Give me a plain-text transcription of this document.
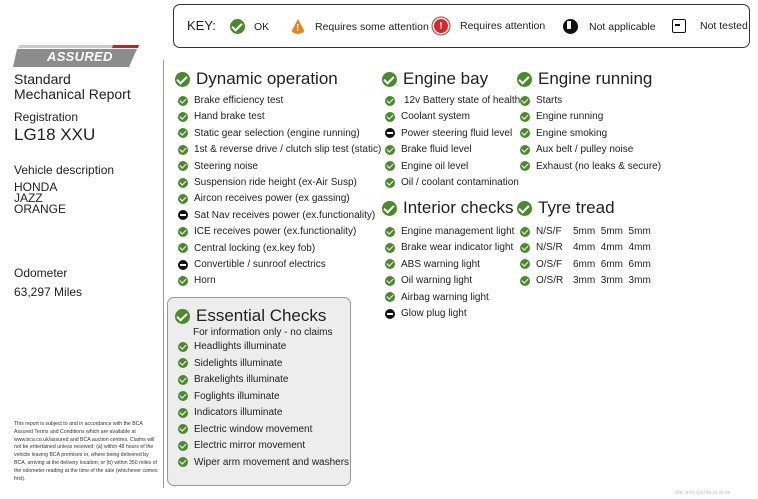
KEY:	OK	! Requires some attention	!	Requires attention	Not applicable	Not tested
ASSURED
Standard
Mechanical Report
Registration
LG18 XXU
Vehicle description
HONDA
JAZZ
ORANGE
Odometer
63,297 Miles
This report is subject to and in accordance with the BCA Assured Terms and Conditions which are available at www.bca.co.uk/assured and BCA auction centres. Claims will not be entertained unless received: (a) within 48 hours of the vehicle leaving BCA premises or, where being delivered by BCA, arriving at the delivery location; or (b) within 350 miles of the odometer reading at the time of the sale (whichever comes first).
Dynamic operation
Brake efficiency test
Hand brake test
Static gear selection (engine running)
1st & reverse drive / clutch slip test (static)
Steering noise
Suspension ride height (ex-Air Susp)
Aircon receives power (ex gassing)
Sat Nav receives power (ex.functionality)
ICE receives power (ex.functionality)
Central locking (ex.key fob)
Convertible / sunroof electrics
Horn
Essential Checks
For information only - no claims
Headlights illuminate
Sidelights illuminate
Brakelights illuminate
Foglights illuminate
Indicators illuminate
Electric window movement
Electric mirror movement
Wiper arm movement and washers
Engine bay
12v Battery state of health
Coolant system
Power steering fluid level
Brake fluid level
Engine oil level
Oil / coolant contamination
Interior checks
Engine management light
Brake wear indicator light
ABS warning light
Oil warning light
Airbag warning light
Glow plug light
Engine running
Starts
Engine running
Engine smoking
Aux belt / pulley noise
Exhaust (no leaks & secure)
Tyre tread
N/S/F	5mm  5mm  5mm
N/S/R	4mm  4mm  4mm
O/S/F	6mm  6mm  6mm
O/S/R 3mm  3mm  3mm
BID: BTD-004705-18.06.08
